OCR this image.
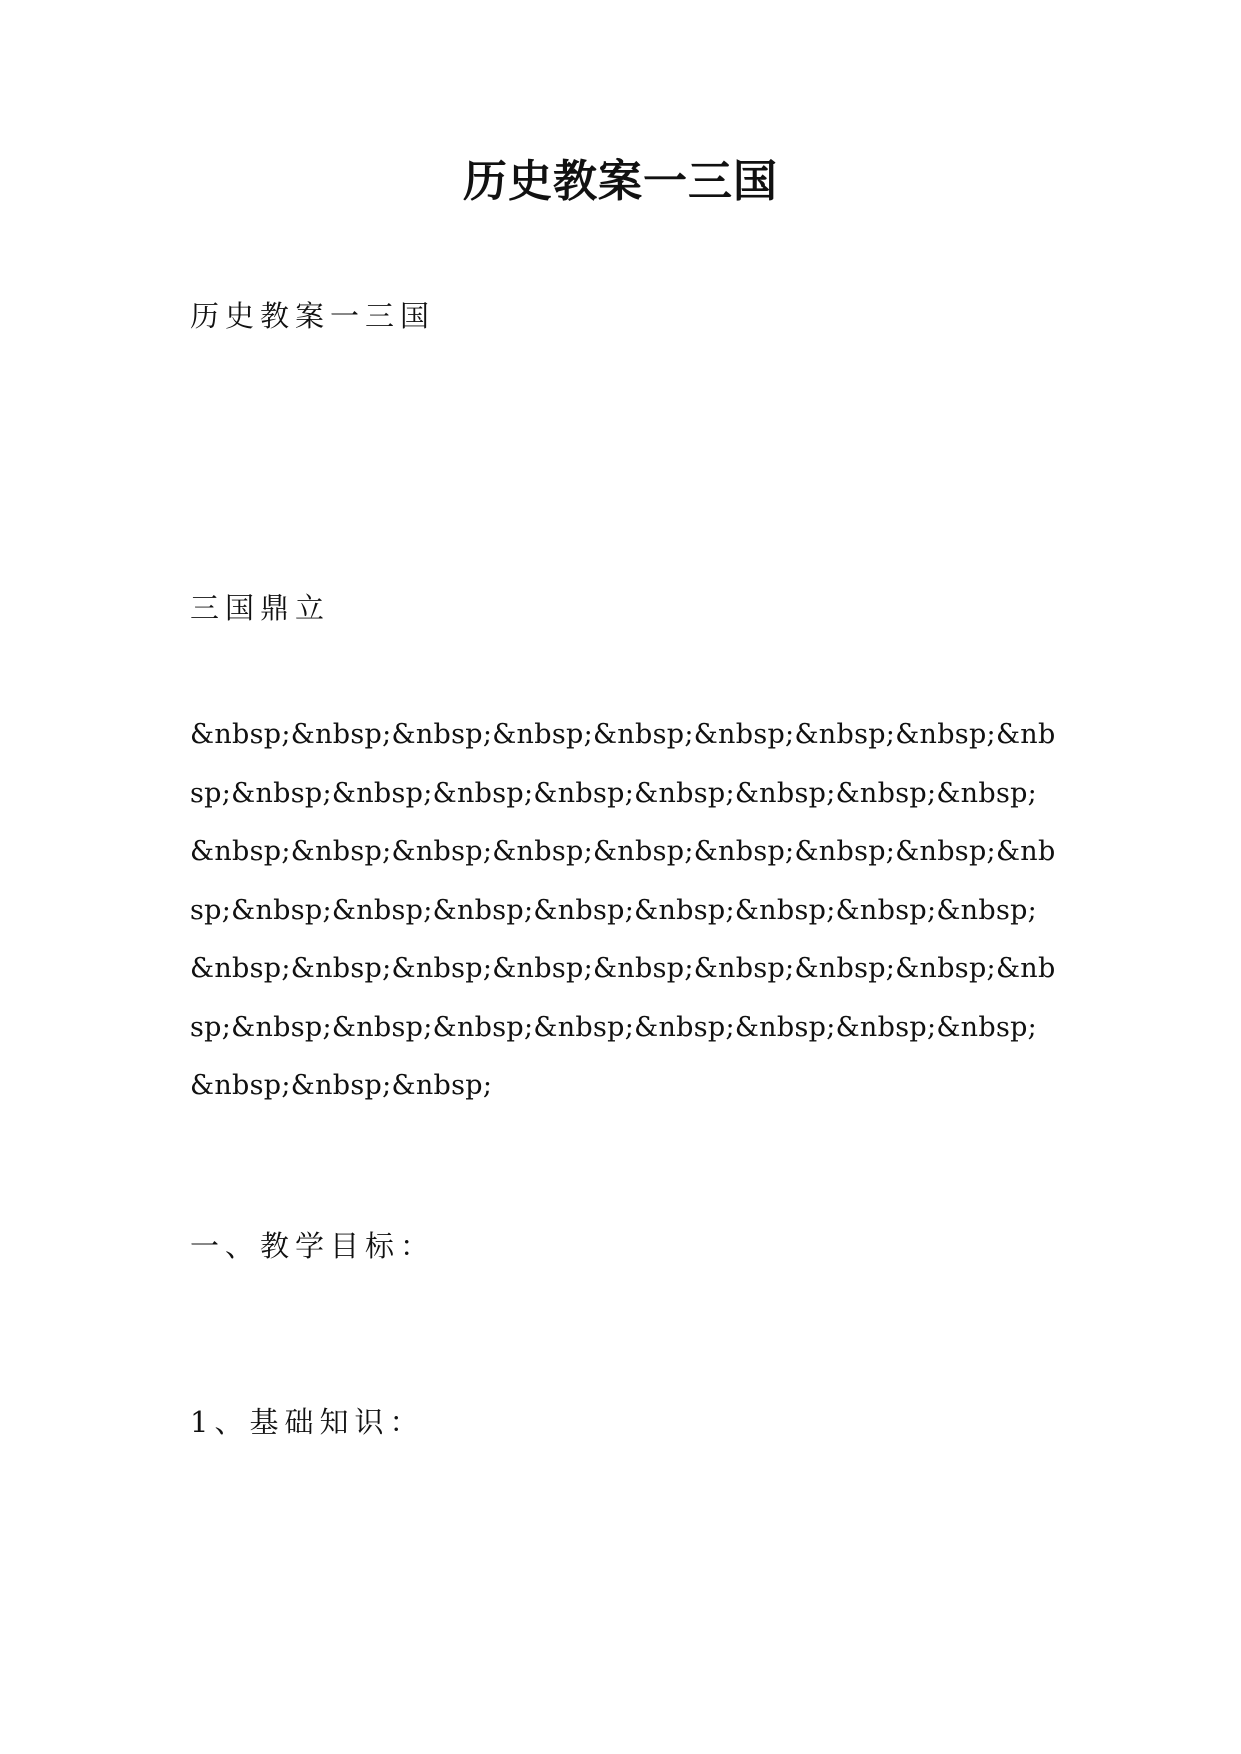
历史教案一三国

历史教案一三国

三国鼎立

&nbsp;&nbsp;&nbsp;&nbsp;&nbsp;&nbsp;&nbsp;&nbsp;&nb
sp;&nbsp;&nbsp;&nbsp;&nbsp;&nbsp;&nbsp;&nbsp;&nbsp;
&nbsp;&nbsp;&nbsp;&nbsp;&nbsp;&nbsp;&nbsp;&nbsp;&nb
sp;&nbsp;&nbsp;&nbsp;&nbsp;&nbsp;&nbsp;&nbsp;&nbsp;
&nbsp;&nbsp;&nbsp;&nbsp;&nbsp;&nbsp;&nbsp;&nbsp;&nb
sp;&nbsp;&nbsp;&nbsp;&nbsp;&nbsp;&nbsp;&nbsp;&nbsp;
&nbsp;&nbsp;&nbsp;

一、教学目标：

1、基础知识：
